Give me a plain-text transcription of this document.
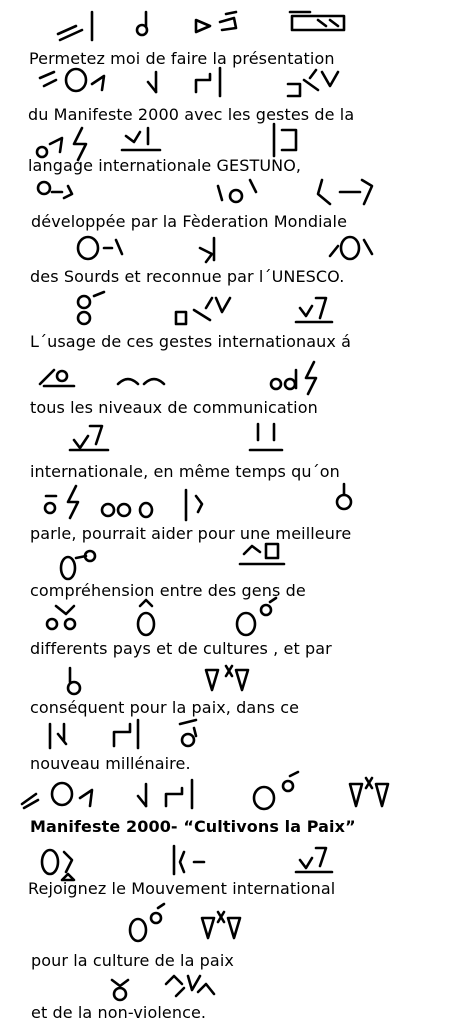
Permetez moi de faire la présentation
du Manifeste 2000 avec les gestes de la
langage internationale GESTUNO,
développée par la Fèderation Mondiale
des Sourds et reconnue par l´UNESCO.
L´usage de ces gestes internationaux á
tous les niveaux de communication
internationale, en même temps qu´on
parle, pourrait aider pour une meilleure
compréhension entre des gens de
differents pays et de cultures , et par
conséquent pour la paix, dans ce
nouveau millénaire.
Manifeste 2000- “Cultivons la Paix”
Rejoignez le Mouvement international
pour la culture de la paix
et de la non-violence.
